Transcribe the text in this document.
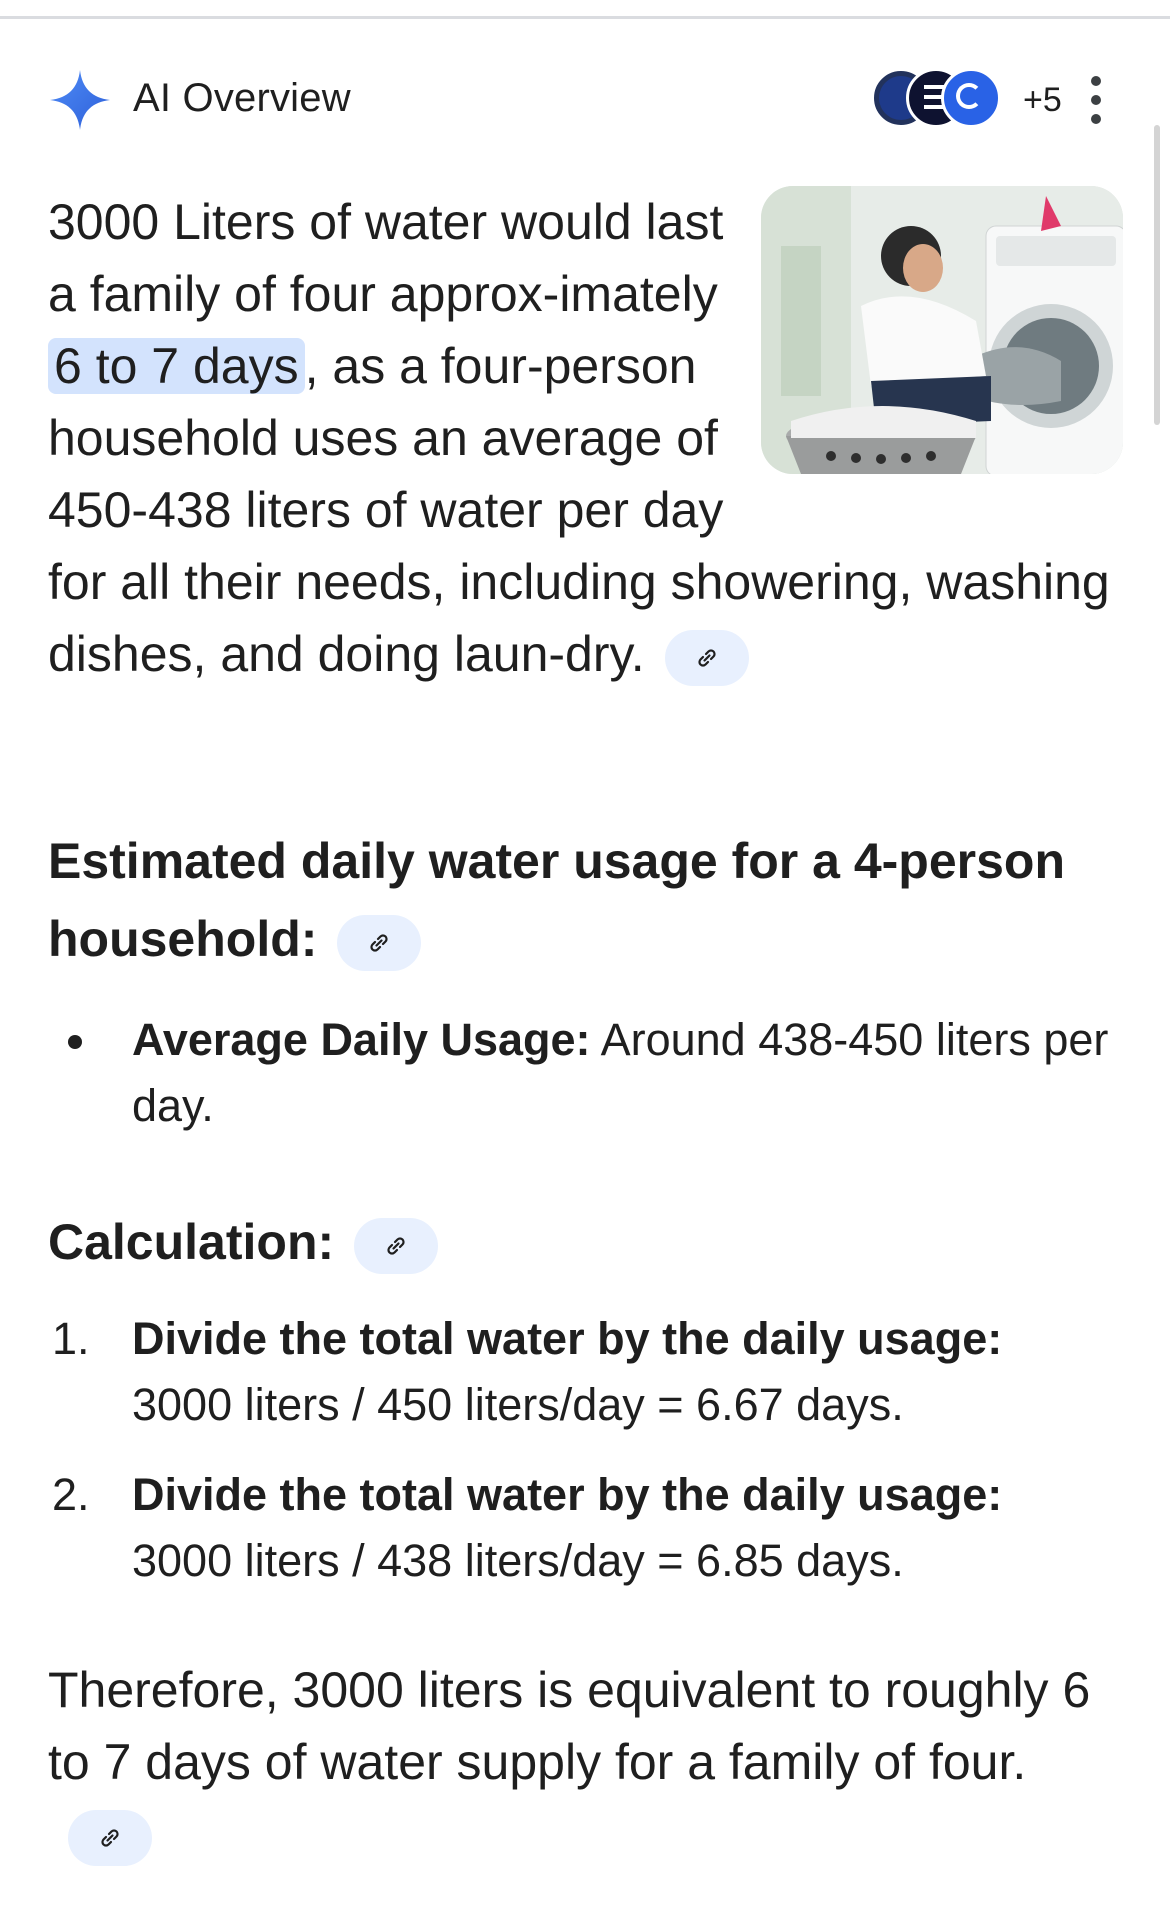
AI Overview	+5

3000 Liters of water would last a family of four approx-imately 6 to 7 days , as a four-person household uses an average of 450-438 liters of water per day for all their needs, including showering, washing dishes, and doing laun-dry.

Estimated daily water usage for a 4-person household:
Average Daily Usage: Around 438-450 liters per day.
Calculation:
1. Divide the total water by the daily usage:
3000 liters / 450 liters/day = 6.67 days.
2. Divide the total water by the daily usage:
3000 liters / 438 liters/day = 6.85 days.

Therefore, 3000 liters is equivalent to roughly 6 to 7 days of water supply for a family of four.
